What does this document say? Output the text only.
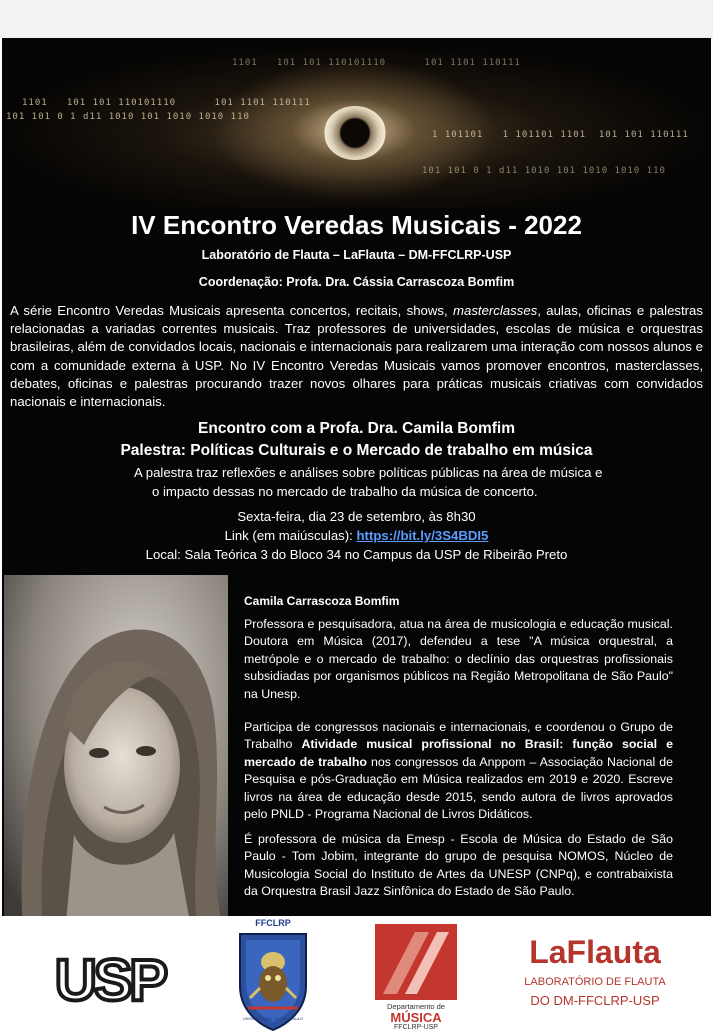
1101   101 101 110101110      101 1101 110111
101 101 0 1 d11 1010 101 1010 1010 110
1 101101   1 101101 1101  101 101 110111
1101   101 101 110101110      101 1101 110111
101 101 0 1 d11 1010 101 1010 1010 110
IV Encontro Veredas Musicais - 2022
Laboratório de Flauta – LaFlauta – DM-FFCLRP-USP
Coordenação: Profa. Dra. Cássia Carrascoza Bomfim

A série Encontro Veredas Musicais apresenta concertos, recitais, shows, masterclasses, aulas, oficinas e palestras relacionadas a variadas correntes musicais. Traz professores de universidades, escolas de música e orquestras brasileiras, além de convidados locais, nacionais e internacionais para realizarem uma interação com nossos alunos e com a comunidade externa à USP. No IV Encontro Veredas Musicais vamos promover encontros, masterclasses, debates, oficinas e palestras procurando trazer novos olhares para práticas musicais criativas com convidados nacionais e internacionais.

Encontro com a Profa. Dra. Camila Bomfim
Palestra: Políticas Culturais e o Mercado de trabalho em música
A palestra traz reflexões e análises sobre políticas públicas na área de música e o impacto dessas no mercado de trabalho da música de concerto.
Sexta-feira, dia 23 de setembro, às 8h30
Link (em maiúsculas): https://bit.ly/3S4BDI5
Local: Sala Teórica 3 do Bloco 34 no Campus da USP de Ribeirão Preto
Camila Carrascoza Bomfim

Professora e pesquisadora, atua na área de musicologia e educação musical. Doutora em Música (2017), defendeu a tese "A música orquestral, a metrópole e o mercado de trabalho: o declínio das orquestras profissionais subsidiadas por organismos públicos na Região Metropolitana de São Paulo" na Unesp.

Participa de congressos nacionais e internacionais, e coordenou o Grupo de Trabalho Atividade musical profissional no Brasil: função social e mercado de trabalho nos congressos da Anppom – Associação Nacional de Pesquisa e pós-Graduação em Música realizados em 2019 e 2020. Escreve livros na área de educação desde 2015, sendo autora de livros aprovados pelo PNLD - Programa Nacional de Livros Didáticos.

É professora de música da Emesp - Escola de Música do Estado de São Paulo - Tom Jobim, integrante do grupo de pesquisa NOMOS, Núcleo de Musicologia Social do Instituto de Artes da UNESP (CNPq), e contrabaixista da Orquestra Brasil Jazz Sinfônica do Estado de São Paulo.

USP
FFCLRP
UNIVERSIDADE DE SÃO PAULO
Departamento de
MÚSICA
FFCLRP-USP
LaFlauta
LABORATÓRIO DE FLAUTA
DO DM-FFCLRP-USP
